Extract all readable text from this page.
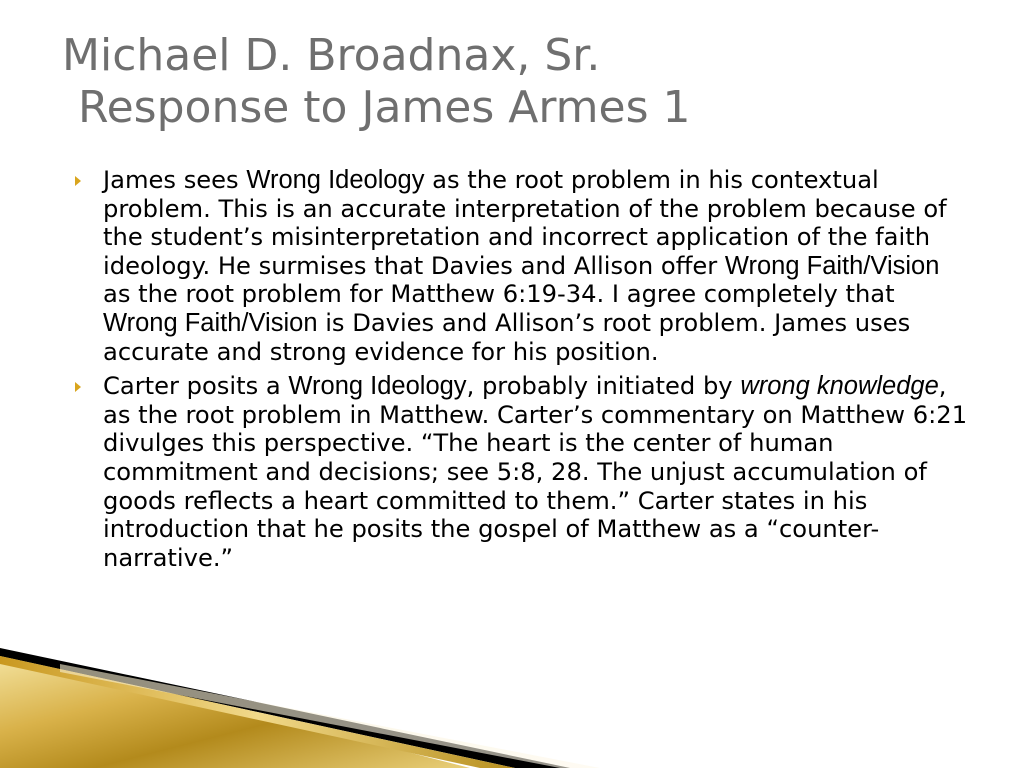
Michael D. Broadnax, Sr.
Response to James Armes 1
James sees Wrong Ideology as the root problem in his contextual problem. This is an accurate interpretation of the problem because of the student’s misinterpretation and incorrect application of the faith ideology. He surmises that Davies and Allison offer Wrong Faith/Vision as the root problem for Matthew 6:19-34. I agree completely that Wrong Faith/Vision is Davies and Allison’s root problem. James uses accurate and strong evidence for his position.
Carter posits a Wrong Ideology, probably initiated by wrong knowledge, as the root problem in Matthew. Carter’s commentary on Matthew 6:21 divulges this perspective. “The heart is the center of human commitment and decisions; see 5:8, 28. The unjust accumulation of goods reflects a heart committed to them.” Carter states in his introduction that he posits the gospel of Matthew as a “counter-narrative.”
